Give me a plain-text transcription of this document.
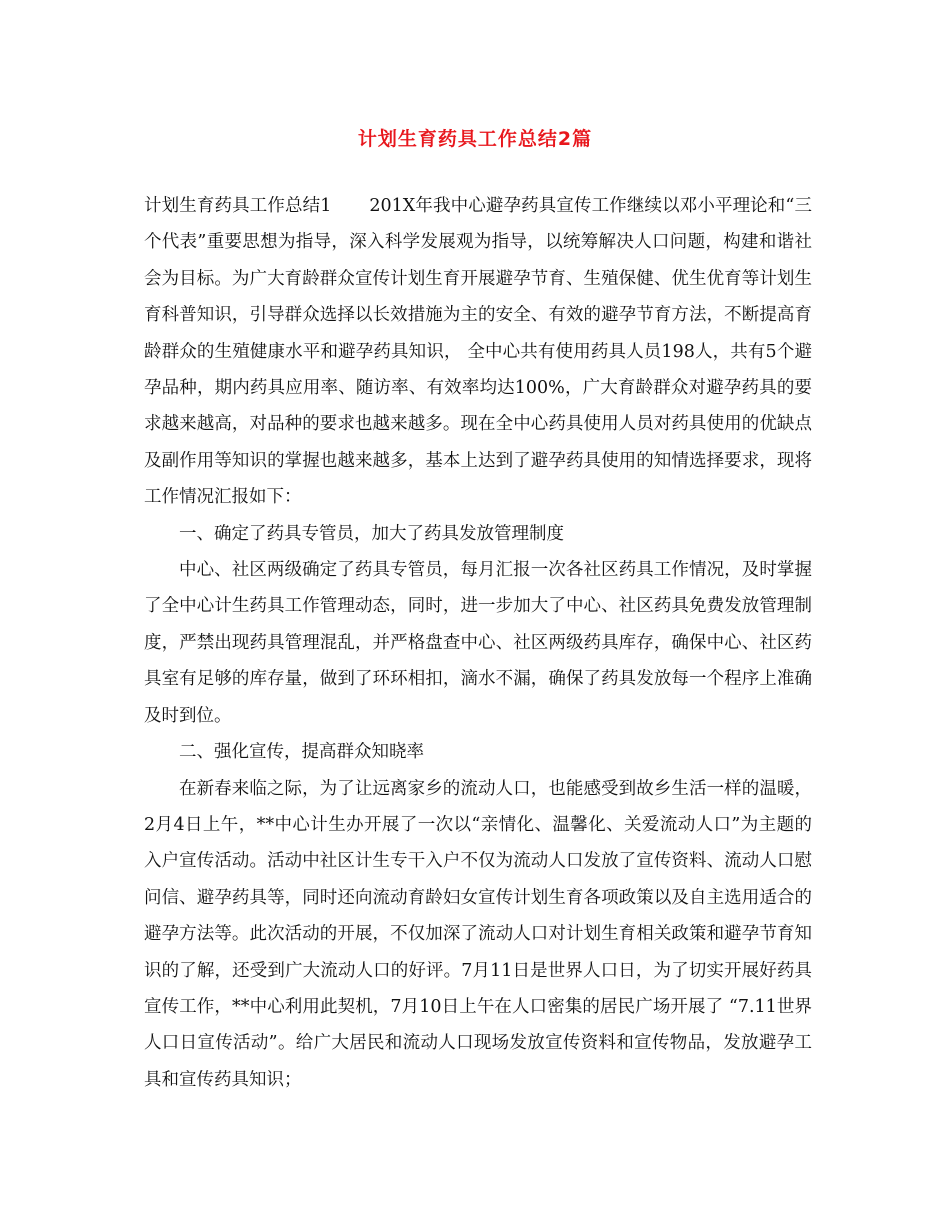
计划生育药具工作总结2篇

计划生育药具工作总结1 201X年我中心避孕药具宣传工作继续以邓小平理论和“三个代表”重要思想为指导，深入科学发展观为指导，以统筹解决人口问题，构建和谐社会为目标。为广大育龄群众宣传计划生育开展避孕节育、生殖保健、优生优育等计划生育科普知识，引导群众选择以长效措施为主的安全、有效的避孕节育方法，不断提高育龄群众的生殖健康水平和避孕药具知识， 全中心共有使用药具人员198人，共有5个避孕品种，期内药具应用率、随访率、有效率均达100%，广大育龄群众对避孕药具的要求越来越高，对品种的要求也越来越多。现在全中心药具使用人员对药具使用的优缺点及副作用等知识的掌握也越来越多，基本上达到了避孕药具使用的知情选择要求，现将工作情况汇报如下：

一、确定了药具专管员，加大了药具发放管理制度

中心、社区两级确定了药具专管员，每月汇报一次各社区药具工作情况，及时掌握了全中心计生药具工作管理动态，同时，进一步加大了中心、社区药具免费发放管理制度，严禁出现药具管理混乱，并严格盘查中心、社区两级药具库存，确保中心、社区药具室有足够的库存量，做到了环环相扣，滴水不漏，确保了药具发放每一个程序上准确及时到位。

二、强化宣传，提高群众知晓率

在新春来临之际，为了让远离家乡的流动人口，也能感受到故乡生活一样的温暖，2月4日上午，**中心计生办开展了一次以“亲情化、温馨化、关爱流动人口”为主题的入户宣传活动。活动中社区计生专干入户不仅为流动人口发放了宣传资料、流动人口慰问信、避孕药具等，同时还向流动育龄妇女宣传计划生育各项政策以及自主选用适合的避孕方法等。此次活动的开展，不仅加深了流动人口对计划生育相关政策和避孕节育知识的了解，还受到广大流动人口的好评。7月11日是世界人口日，为了切实开展好药具宣传工作，**中心利用此契机，7月10日上午在人口密集的居民广场开展了 “7.11世界人口日宣传活动”。给广大居民和流动人口现场发放宣传资料和宣传物品，发放避孕工具和宣传药具知识；
